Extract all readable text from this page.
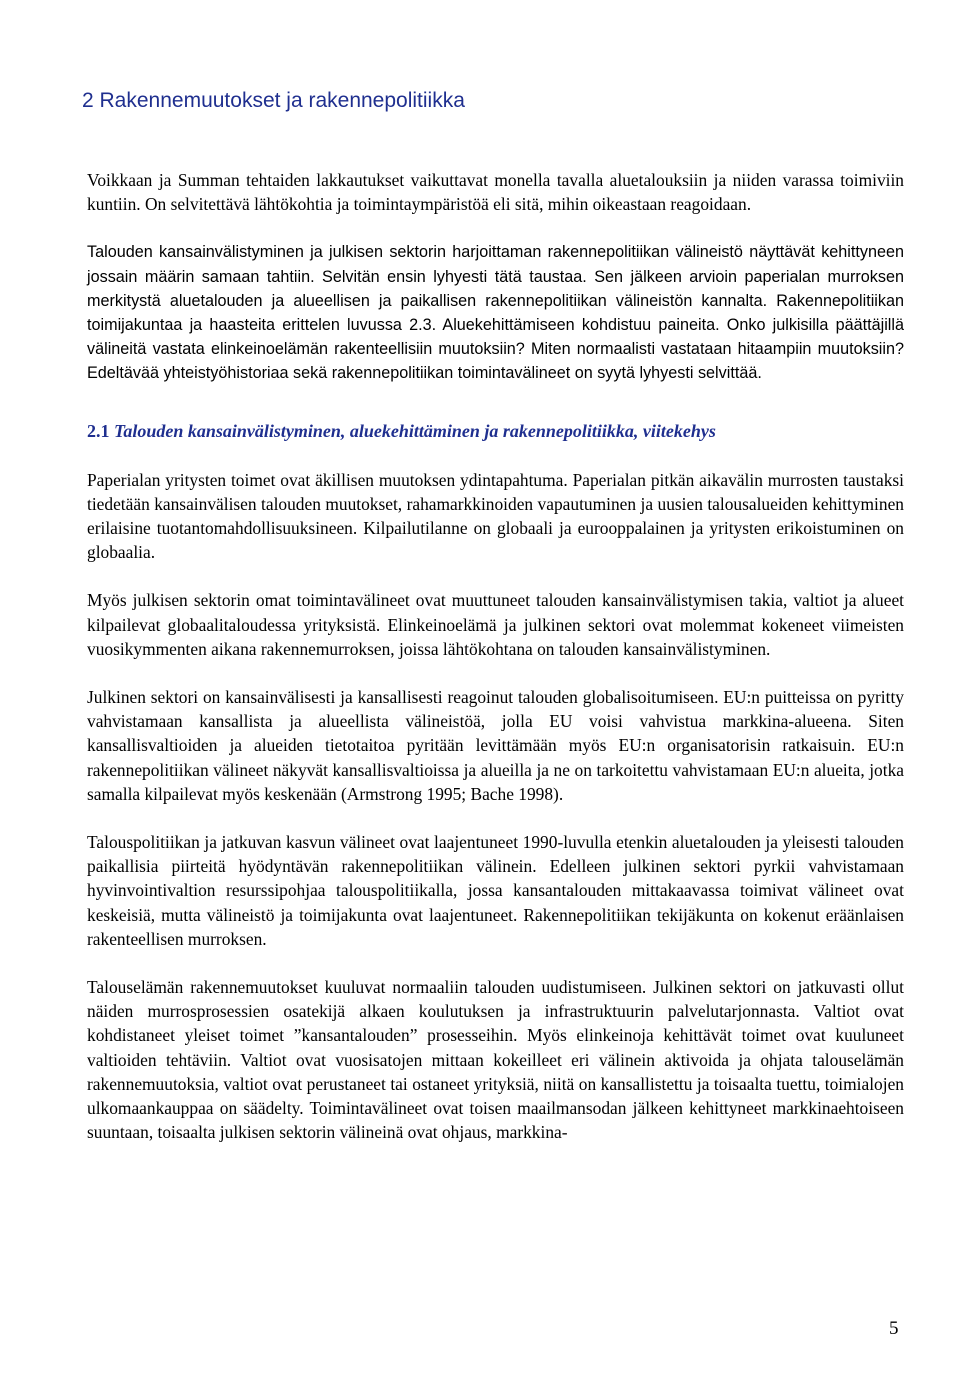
2 Rakennemuutokset ja rakennepolitiikka

Voikkaan ja Summan tehtaiden lakkautukset vaikuttavat monella tavalla aluetalouksiin ja niiden varassa toimiviin kuntiin. On selvitettävä lähtökohtia ja toimintaympäristöä eli sitä, mihin oikeastaan reagoidaan.

Talouden kansainvälistyminen ja julkisen sektorin harjoittaman rakennepolitiikan välineistö näyttävät kehittyneen jossain määrin samaan tahtiin. Selvitän ensin lyhyesti tätä taustaa. Sen jälkeen arvioin paperialan murroksen merkitystä aluetalouden ja alueellisen ja paikallisen rakennepolitiikan välineistön kannalta. Rakennepolitiikan toimijakuntaa ja haasteita erittelen luvussa 2.3. Aluekehittämiseen kohdistuu paineita. Onko julkisilla päättäjillä välineitä vastata elinkeinoelämän rakenteellisiin muutoksiin? Miten normaalisti vastataan hitaampiin muutoksiin? Edeltävää yhteistyöhistoriaa sekä rakennepolitiikan toimintavälineet on syytä lyhyesti selvittää.

2.1 Talouden kansainvälistyminen, aluekehittäminen ja rakennepolitiikka, viitekehys

Paperialan yritysten toimet ovat äkillisen muutoksen ydintapahtuma. Paperialan pitkän aikavälin murrosten taustaksi tiedetään kansainvälisen talouden muutokset, rahamarkkinoiden vapautuminen ja uusien talousalueiden kehittyminen erilaisine tuotantomahdollisuuksineen. Kilpailutilanne on globaali ja eurooppalainen ja yritysten erikoistuminen on globaalia.

Myös julkisen sektorin omat toimintavälineet ovat muuttuneet talouden kansainvälistymisen takia, valtiot ja alueet kilpailevat globaalitaloudessa yrityksistä. Elinkeinoelämä ja julkinen sektori ovat molemmat kokeneet viimeisten vuosikymmenten aikana rakennemurroksen, joissa lähtökohtana on talouden kansainvälistyminen.

Julkinen sektori on kansainvälisesti ja kansallisesti reagoinut talouden globalisoitumiseen. EU:n puitteissa on pyritty vahvistamaan kansallista ja alueellista välineistöä, jolla EU voisi vahvistua markkina-alueena. Siten kansallisvaltioiden ja alueiden tietotaitoa pyritään levittämään myös EU:n organisatorisin ratkaisuin. EU:n rakennepolitiikan välineet näkyvät kansallisvaltioissa ja alueilla ja ne on tarkoitettu vahvistamaan EU:n alueita, jotka samalla kilpailevat myös keskenään (Armstrong 1995; Bache 1998).

Talouspolitiikan ja jatkuvan kasvun välineet ovat laajentuneet 1990-luvulla etenkin aluetalouden ja yleisesti talouden paikallisia piirteitä hyödyntävän rakennepolitiikan välinein. Edelleen julkinen sektori pyrkii vahvistamaan hyvinvointivaltion resurssipohjaa talouspolitiikalla, jossa kansantalouden mittakaavassa toimivat välineet ovat keskeisiä, mutta välineistö ja toimijakunta ovat laajentuneet. Rakennepolitiikan tekijäkunta on kokenut eräänlaisen rakenteellisen murroksen.

Talouselämän rakennemuutokset kuuluvat normaaliin talouden uudistumiseen. Julkinen sektori on jatkuvasti ollut näiden murrosprosessien osatekijä alkaen koulutuksen ja infrastruktuurin palvelutarjonnasta. Valtiot ovat kohdistaneet yleiset toimet ”kansantalouden” prosesseihin. Myös elinkeinoja kehittävät toimet ovat kuuluneet valtioiden tehtäviin. Valtiot ovat vuosisatojen mittaan kokeilleet eri välinein aktivoida ja ohjata talouselämän rakennemuutoksia, valtiot ovat perustaneet tai ostaneet yrityksiä, niitä on kansallistettu ja toisaalta tuettu, toimialojen ulkomaankauppaa on säädelty. Toimintavälineet ovat toisen maailmansodan jälkeen kehittyneet markkinaehtoiseen suuntaan, toisaalta julkisen sektorin välineinä ovat ohjaus, markkina-

5
